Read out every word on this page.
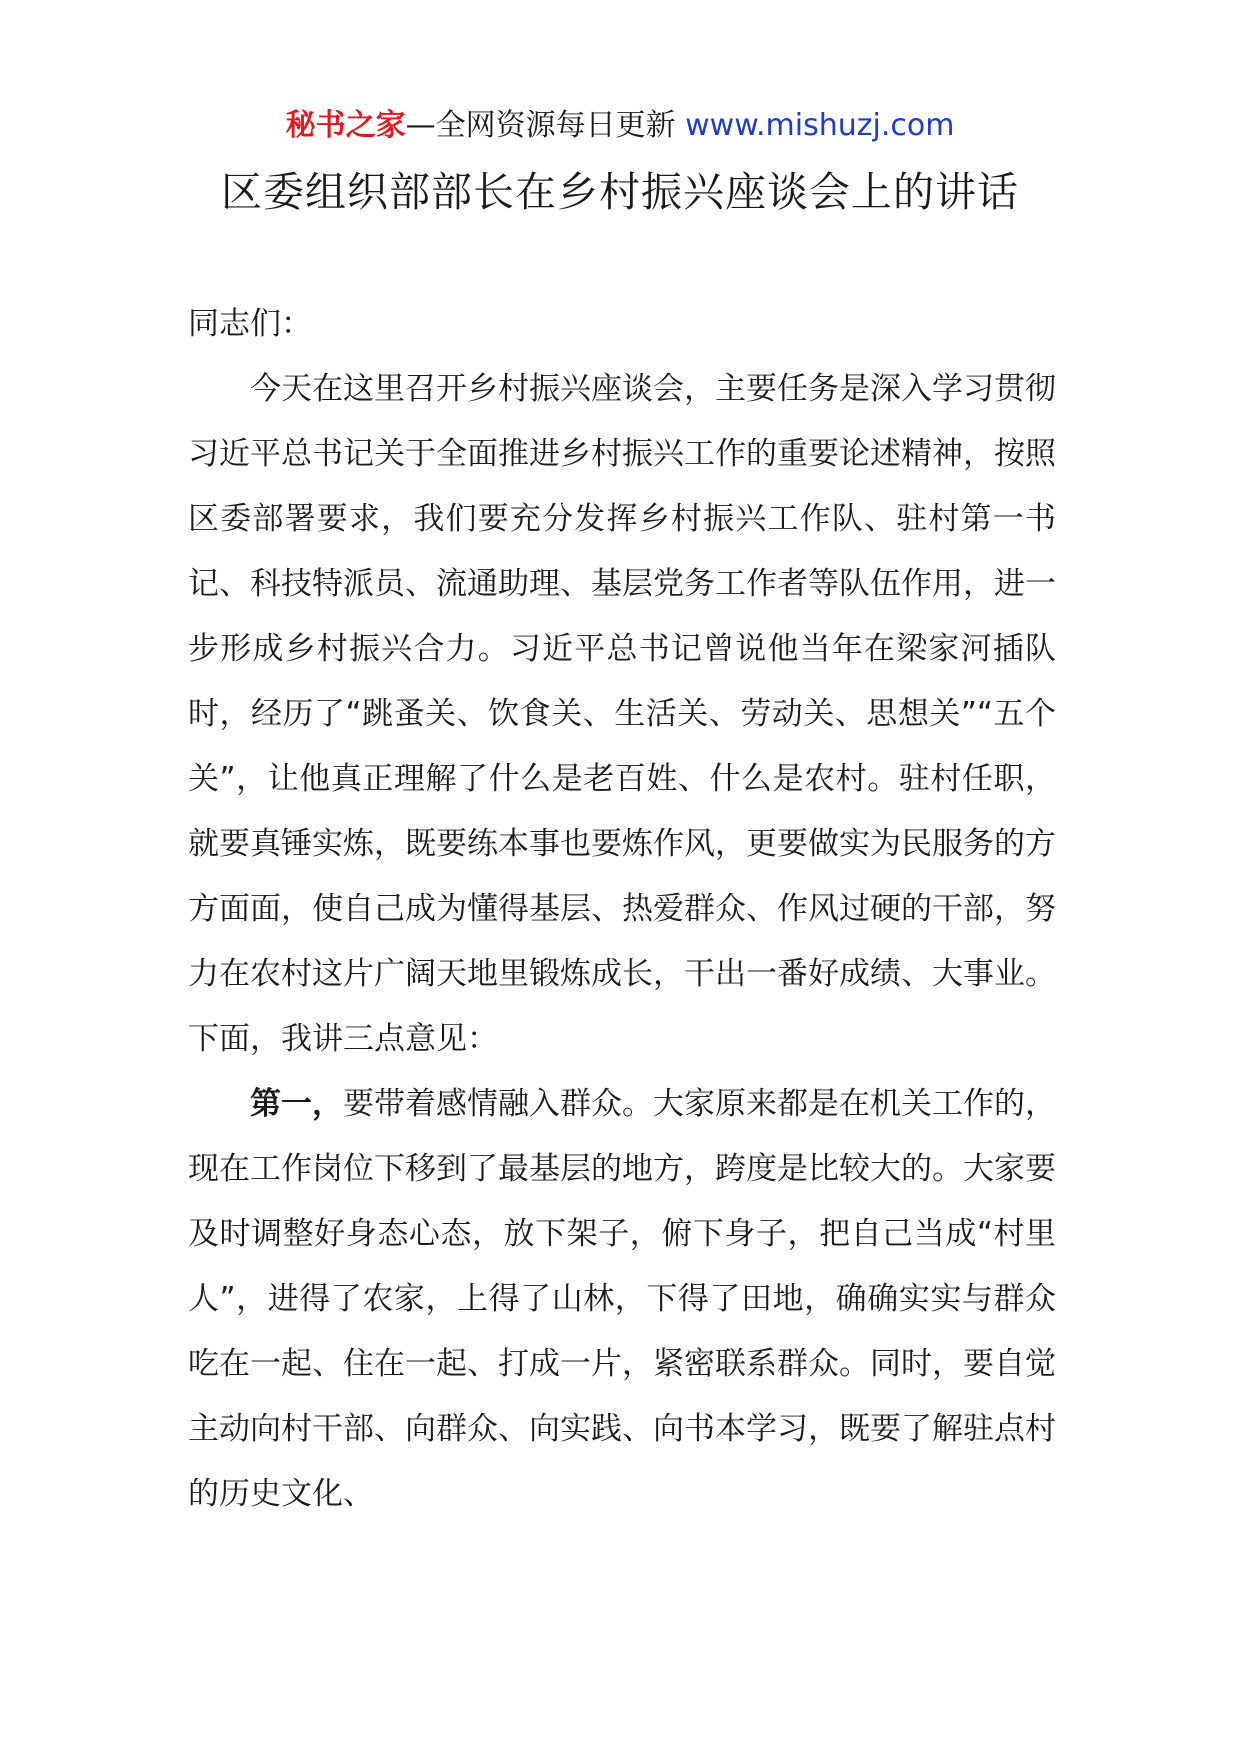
秘书之家—全网资源每日更新 www.mishuzj.com
区委组织部部长在乡村振兴座谈会上的讲话

同志们：

今天在这里召开乡村振兴座谈会，主要任务是深入学习贯彻习近平总书记关于全面推进乡村振兴工作的重要论述精神，按照区委部署要求，我们要充分发挥乡村振兴工作队、驻村第一书记、科技特派员、流通助理、基层党务工作者等队伍作用，进一步形成乡村振兴合力。习近平总书记曾说他当年在梁家河插队时，经历了“跳蚤关、饮食关、生活关、劳动关、思想关”“五个关”，让他真正理解了什么是老百姓、什么是农村。驻村任职，就要真锤实炼，既要练本事也要炼作风，更要做实为民服务的方方面面，使自己成为懂得基层、热爱群众、作风过硬的干部，努力在农村这片广阔天地里锻炼成长，干出一番好成绩、大事业。下面，我讲三点意见：

第一，要带着感情融入群众。大家原来都是在机关工作的，现在工作岗位下移到了最基层的地方，跨度是比较大的。大家要及时调整好身态心态，放下架子，俯下身子，把自己当成“村里人”，进得了农家，上得了山林，下得了田地，确确实实与群众吃在一起、住在一起、打成一片，紧密联系群众。同时，要自觉主动向村干部、向群众、向实践、向书本学习，既要了解驻点村的历史文化、
